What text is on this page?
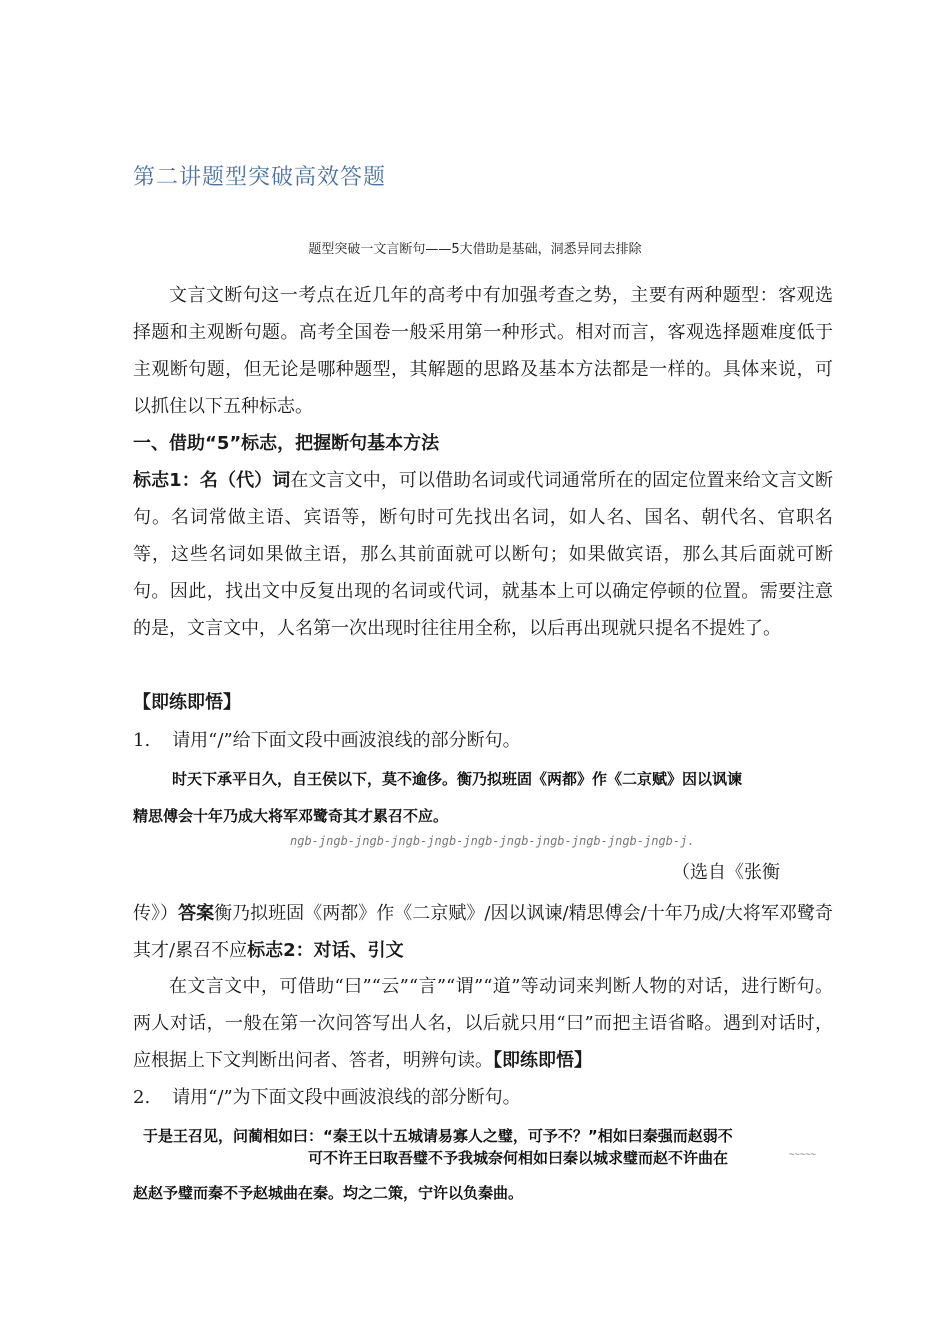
第二讲题型突破高效答题
题型突破一文言断句——5大借助是基础，洞悉异同去排除

文言文断句这一考点在近几年的高考中有加强考查之势，主要有两种题型：客观选择题和主观断句题。高考全国卷一般采用第一种形式。相对而言，客观选择题难度低于主观断句题，但无论是哪种题型，其解题的思路及基本方法都是一样的。具体来说，可以抓住以下五种标志。

一、借助“5”标志，把握断句基本方法

标志1：名（代）词在文言文中，可以借助名词或代词通常所在的固定位置来给文言文断句。名词常做主语、宾语等，断句时可先找出名词，如人名、国名、朝代名、官职名等，这些名词如果做主语，那么其前面就可以断句；如果做宾语，那么其后面就可断句。因此，找出文中反复出现的名词或代词，就基本上可以确定停顿的位置。需要注意的是，文言文中，人名第一次出现时往往用全称，以后再出现就只提名不提姓了。

【即练即悟】

1. 请用“/”给下面文段中画波浪线的部分断句。

时天下承平日久，自王侯以下，莫不逾侈。衡乃拟班固《两都》作《二京赋》因以讽谏
精思傅会十年乃成大将军邓鹭奇其才累召不应。
ngb-jngb-jngb-jngb-jngb-jngb-jngb-jngb-jngb-jngb-jngb-j.
（选自《张衡

传》）答案衡乃拟班固《两都》作《二京赋》/因以讽谏/精思傅会/十年乃成/大将军邓鹭奇其才/累召不应标志2：对话、引文

在文言文中，可借助“曰”“云”“言”“谓”“道”等动词来判断人物的对话，进行断句。两人对话，一般在第一次问答写出人名，以后就只用“曰”而把主语省略。遇到对话时，应根据上下文判断出问者、答者，明辨句读。【即练即悟】

2. 请用“/”为下面文段中画波浪线的部分断句。

于是王召见，问蔺相如曰：“秦王以十五城请易寡人之璧，可予不？”相如曰秦强而赵弱不
可不许王曰取吾璧不予我城奈何相如曰秦以城求璧而赵不许曲在	~~~~~
赵赵予璧而秦不予赵城曲在秦。均之二策，宁许以负秦曲。
